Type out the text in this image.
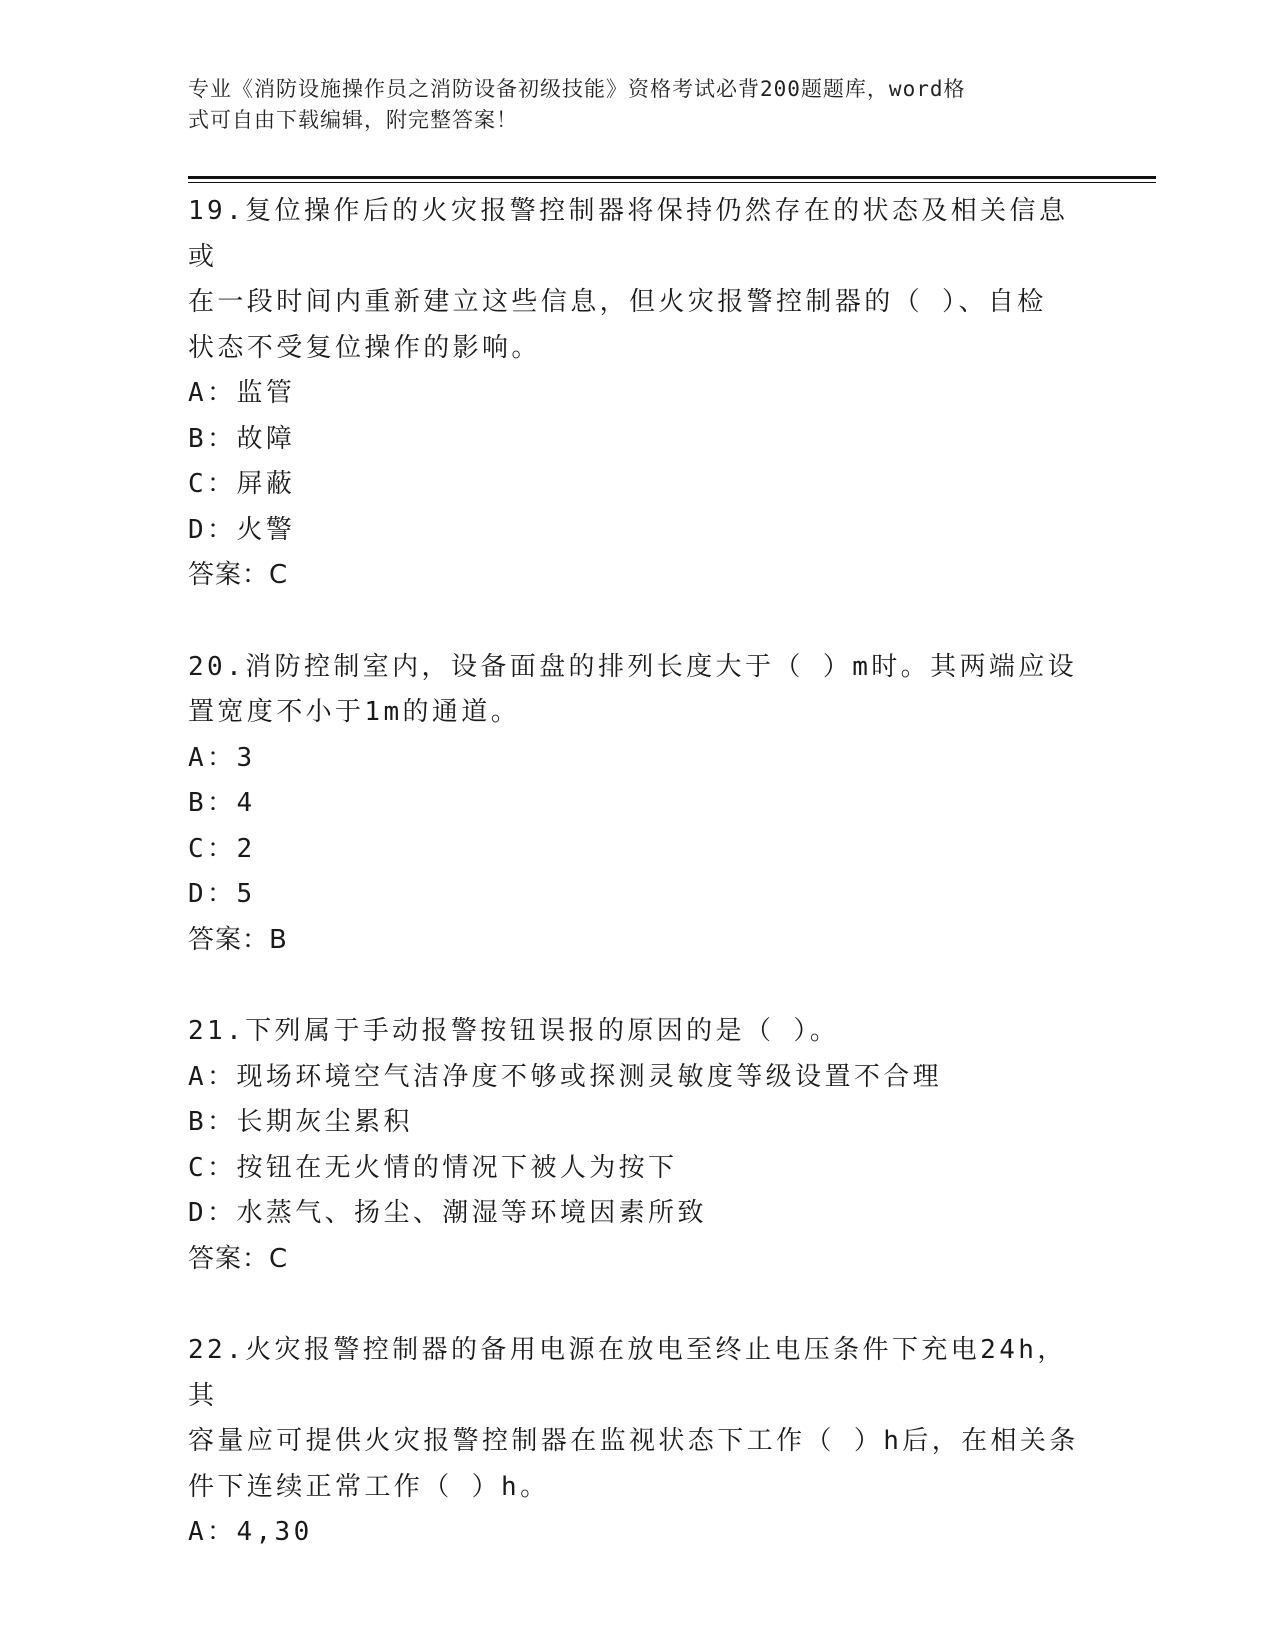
专业《消防设施操作员之消防设备初级技能》资格考试必背200题题库，word格
式可自由下载编辑，附完整答案！

19.复位操作后的火灾报警控制器将保持仍然存在的状态及相关信息或
在一段时间内重新建立这些信息，但火灾报警控制器的（ ）、自检
状态不受复位操作的影响。

A：监管

B：故障

C：屏蔽

D：火警

答案：C

20.消防控制室内，设备面盘的排列长度大于（ ）m时。其两端应设
置宽度不小于1m的通道。

A：3

B：4

C：2

D：5

答案：B

21.下列属于手动报警按钮误报的原因的是（ ）。

A：现场环境空气洁净度不够或探测灵敏度等级设置不合理

B：长期灰尘累积

C：按钮在无火情的情况下被人为按下

D：水蒸气、扬尘、潮湿等环境因素所致

答案：C

22.火灾报警控制器的备用电源在放电至终止电压条件下充电24h，其
容量应可提供火灾报警控制器在监视状态下工作（ ）h后，在相关条
件下连续正常工作（ ）h。

A：4,30
